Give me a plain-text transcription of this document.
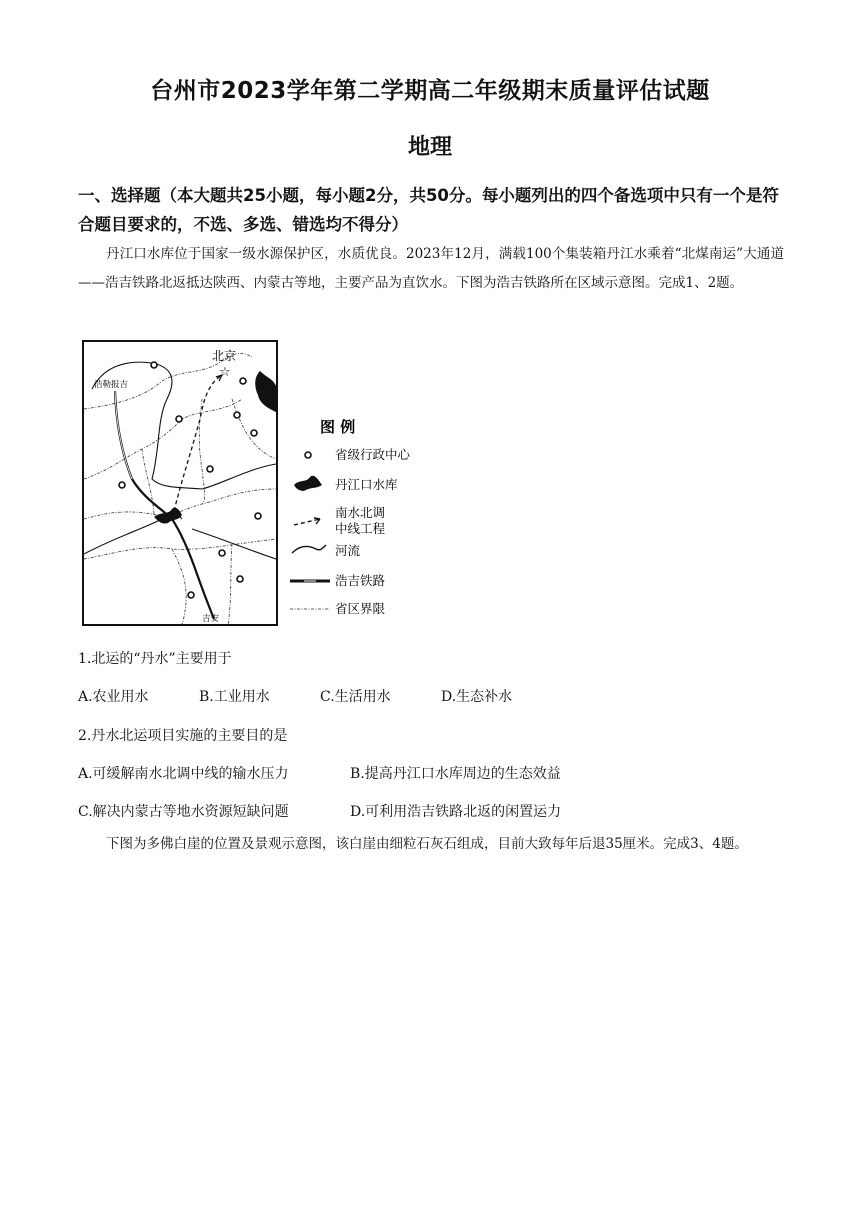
台州市2023学年第二学期高二年级期末质量评估试题
地理
一、选择题（本大题共25小题，每小题2分，共50分。每小题列出的四个备选项中只有一个是符合题目要求的，不选、多选、错选均不得分）
丹江口水库位于国家一级水源保护区，水质优良。2023年12月，满载100个集装箱丹江水乘着“北煤南运”大通道——浩吉铁路北返抵达陕西、内蒙古等地，主要产品为直饮水。下图为浩吉铁路所在区域示意图。完成1、2题。
☆
北京
浩勒报吉
吉安
图 例
省级行政中心
丹江口水库
南水北调
中线工程
河流
浩吉铁路
省区界限
1.北运的“丹水”主要用于
A.农业用水	B.工业用水	C.生活用水	D.生态补水
2.丹水北运项目实施的主要目的是
A.可缓解南水北调中线的输水压力	B.提高丹江口水库周边的生态效益
C.解决内蒙古等地水资源短缺问题	D.可利用浩吉铁路北返的闲置运力
下图为多佛白崖的位置及景观示意图，该白崖由细粒石灰石组成，目前大致每年后退35厘米。完成3、4题。
